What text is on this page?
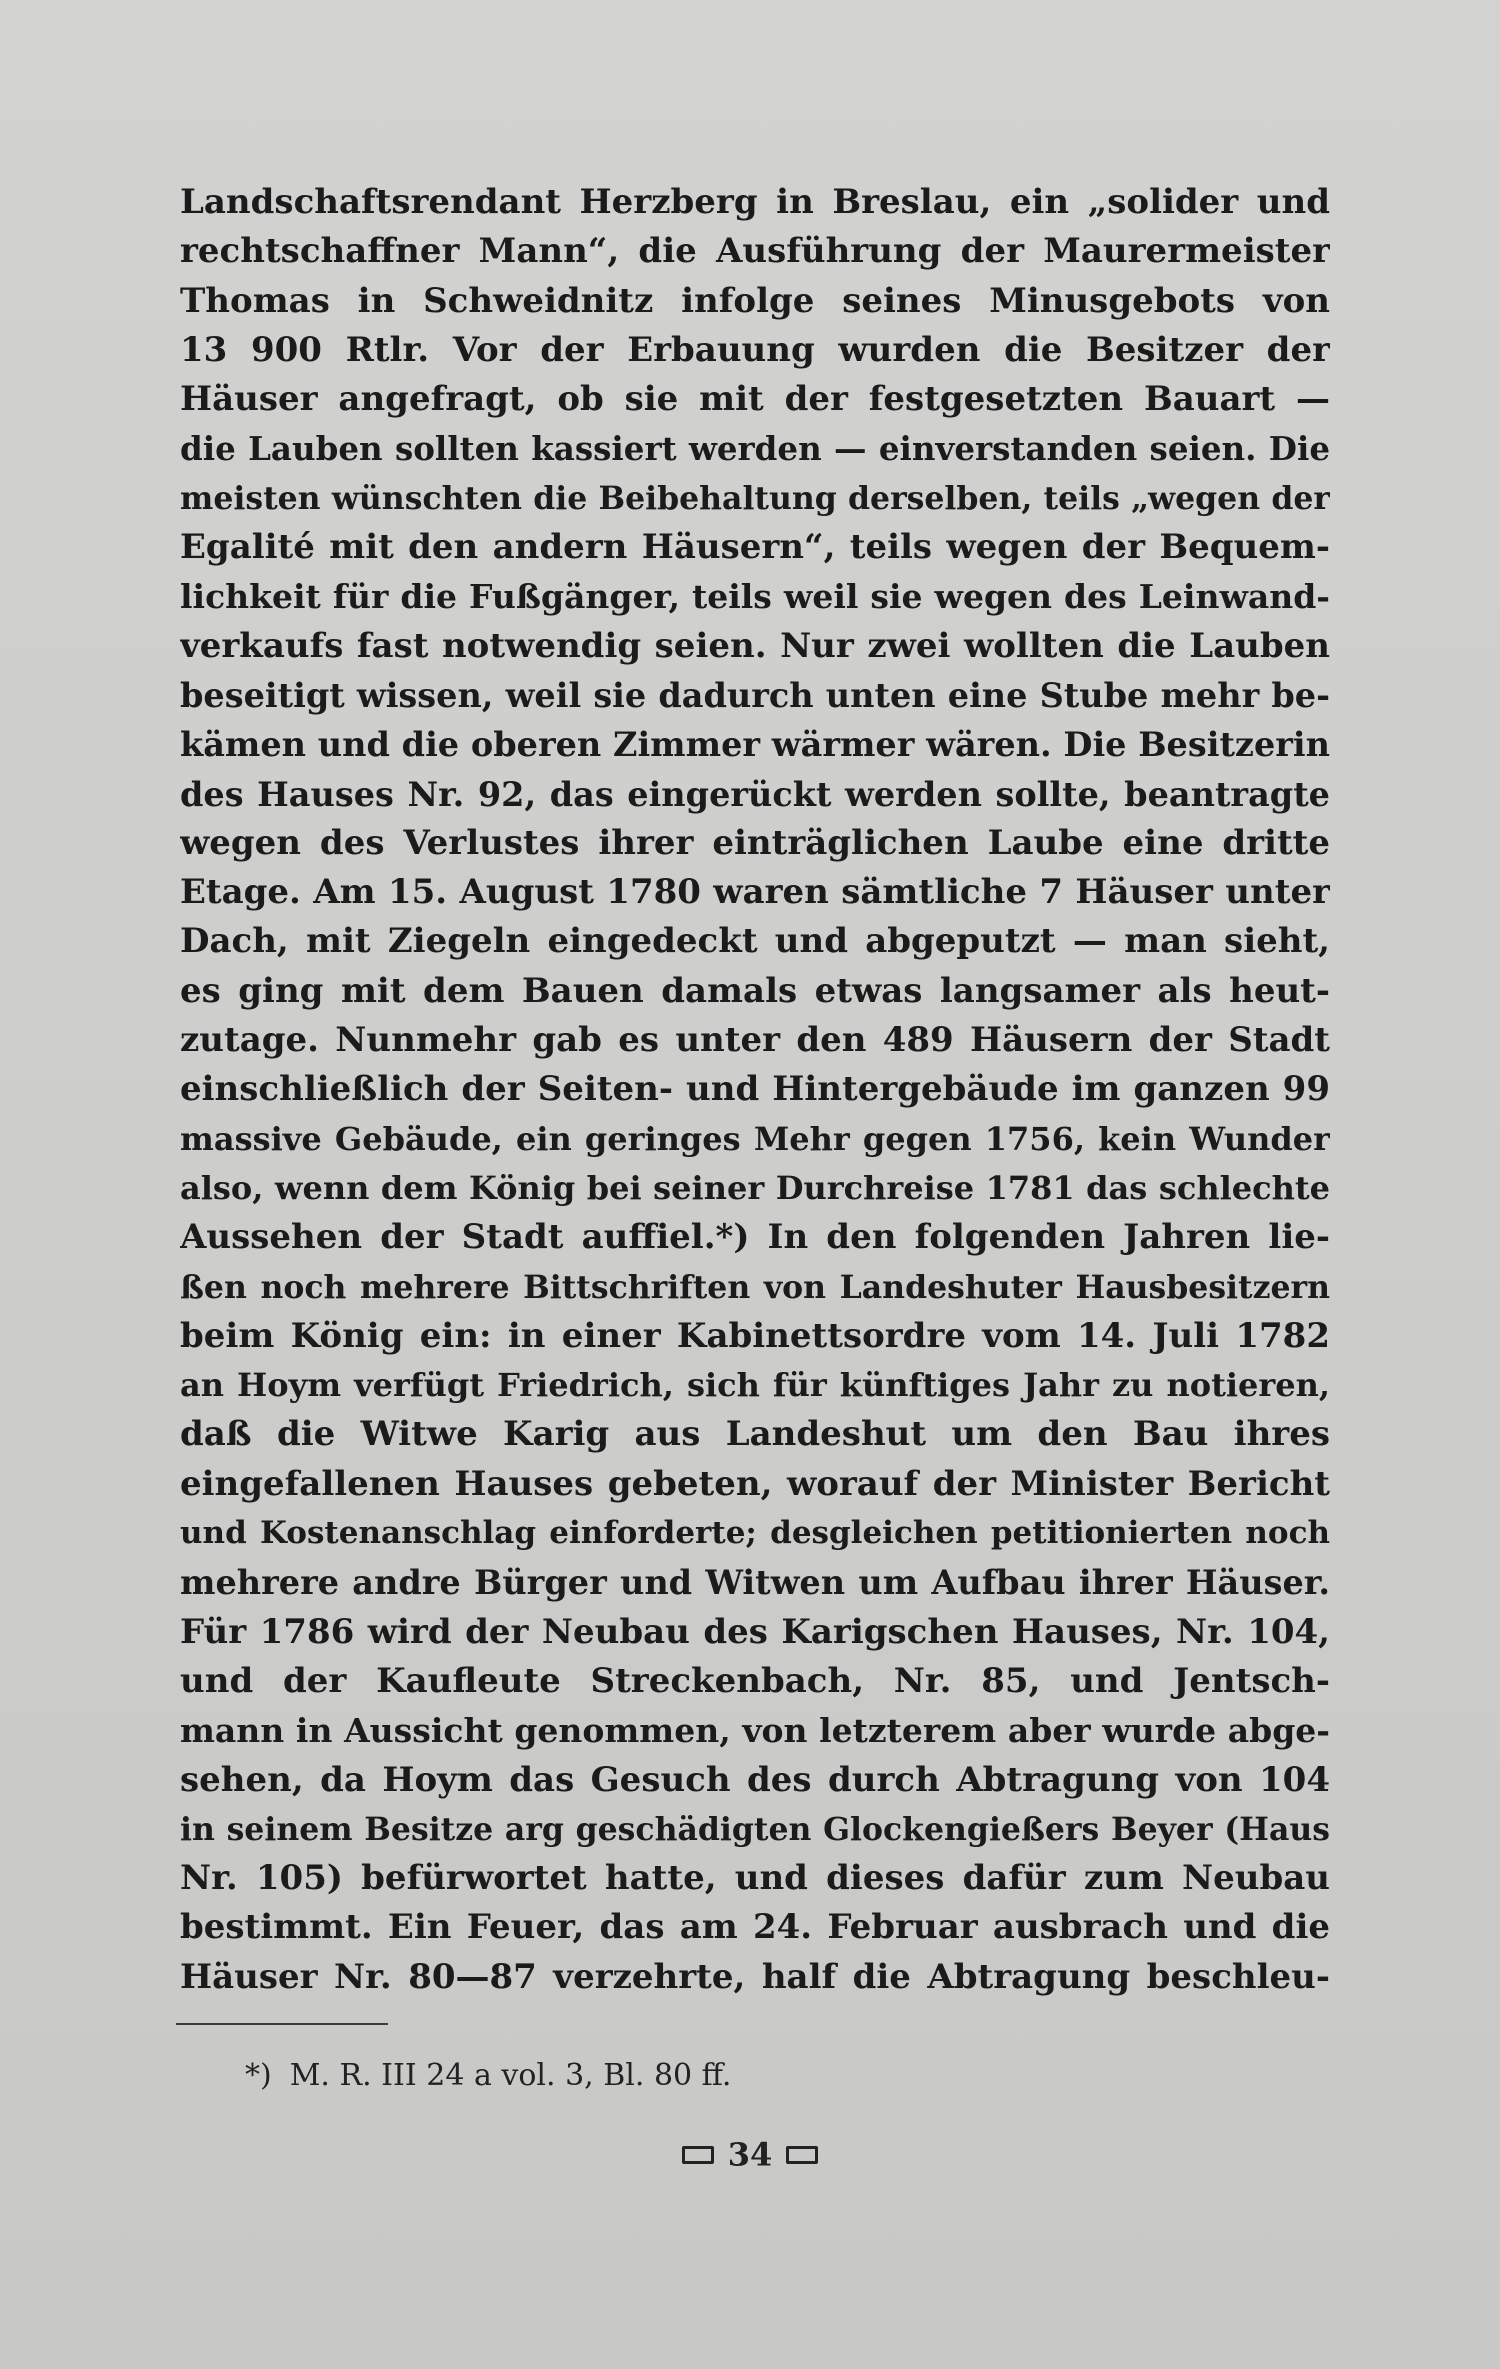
Landschaftsrendant Herzberg in Breslau, ein „solider und
rechtschaffner Mann“, die Ausführung der Maurermeister
Thomas in Schweidnitz infolge seines Minusgebots von
13 900 Rtlr. Vor der Erbauung wurden die Besitzer der
Häuser angefragt, ob sie mit der festgesetzten Bauart —
die Lauben sollten kassiert werden — einverstanden seien. Die
meisten wünschten die Beibehaltung derselben, teils „wegen der
Egalité mit den andern Häusern“, teils wegen der Bequem-
lichkeit für die Fußgänger, teils weil sie wegen des Leinwand-
verkaufs fast notwendig seien. Nur zwei wollten die Lauben
beseitigt wissen, weil sie dadurch unten eine Stube mehr be-
kämen und die oberen Zimmer wärmer wären. Die Besitzerin
des Hauses Nr. 92, das eingerückt werden sollte, beantragte
wegen des Verlustes ihrer einträglichen Laube eine dritte
Etage. Am 15. August 1780 waren sämtliche 7 Häuser unter
Dach, mit Ziegeln eingedeckt und abgeputzt — man sieht,
es ging mit dem Bauen damals etwas langsamer als heut-
zutage. Nunmehr gab es unter den 489 Häusern der Stadt
einschließlich der Seiten- und Hintergebäude im ganzen 99
massive Gebäude, ein geringes Mehr gegen 1756, kein Wunder
also, wenn dem König bei seiner Durchreise 1781 das schlechte
Aussehen der Stadt auffiel.*) In den folgenden Jahren lie-
ßen noch mehrere Bittschriften von Landeshuter Hausbesitzern
beim König ein: in einer Kabinettsordre vom 14. Juli 1782
an Hoym verfügt Friedrich, sich für künftiges Jahr zu notieren,
daß die Witwe Karig aus Landeshut um den Bau ihres
eingefallenen Hauses gebeten, worauf der Minister Bericht
und Kostenanschlag einforderte; desgleichen petitionierten noch
mehrere andre Bürger und Witwen um Aufbau ihrer Häuser.
Für 1786 wird der Neubau des Karigschen Hauses, Nr. 104,
und der Kaufleute Streckenbach, Nr. 85, und Jentsch-
mann in Aussicht genommen, von letzterem aber wurde abge-
sehen, da Hoym das Gesuch des durch Abtragung von 104
in seinem Besitze arg geschädigten Glockengießers Beyer (Haus
Nr. 105) befürwortet hatte, und dieses dafür zum Neubau
bestimmt. Ein Feuer, das am 24. Februar ausbrach und die
Häuser Nr. 80—87 verzehrte, half die Abtragung beschleu-
*) M. R. III 24 a vol. 3, Bl. 80 ff.
34
